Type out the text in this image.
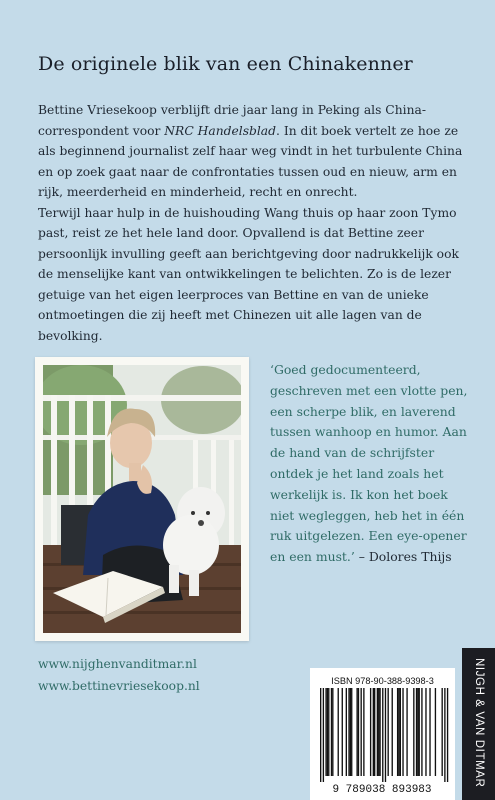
De originele blik van een Chinakenner

Bettine Vriesekoop verblijft drie jaar lang in Peking als China-correspondent voor NRC Handelsblad. In dit boek vertelt ze hoe ze als beginnend journalist zelf haar weg vindt in het turbulente China en op zoek gaat naar de confrontaties tussen oud en nieuw, arm en rijk, meerderheid en minderheid, recht en onrecht.

Terwijl haar hulp in de huishouding Wang thuis op haar zoon Tymo past, reist ze het hele land door. Opvallend is dat Bettine zeer persoonlijk invulling geeft aan berichtgeving door nadrukkelijk ook de menselijke kant van ontwikkelingen te belichten. Zo is de lezer getuige van het eigen leerproces van Bettine en van de unieke ontmoetingen die zij heeft met Chinezen uit alle lagen van de bevolking.

‘Goed gedocumenteerd, geschreven met een vlotte pen, een scherpe blik, en laverend tussen wanhoop en humor. Aan de hand van de schrijfster ontdek je het land zoals het werkelijk is. Ik kon het boek niet wegleggen, heb het in één ruk uitgelezen. Een eye-opener en een must.’ – Dolores Thijs
www.nijghenvanditmar.nl
www.bettinevriesekoop.nl	ISBN 978-90-388-9398-3
9 789038 893983
NIJGH & VAN DITMAR
